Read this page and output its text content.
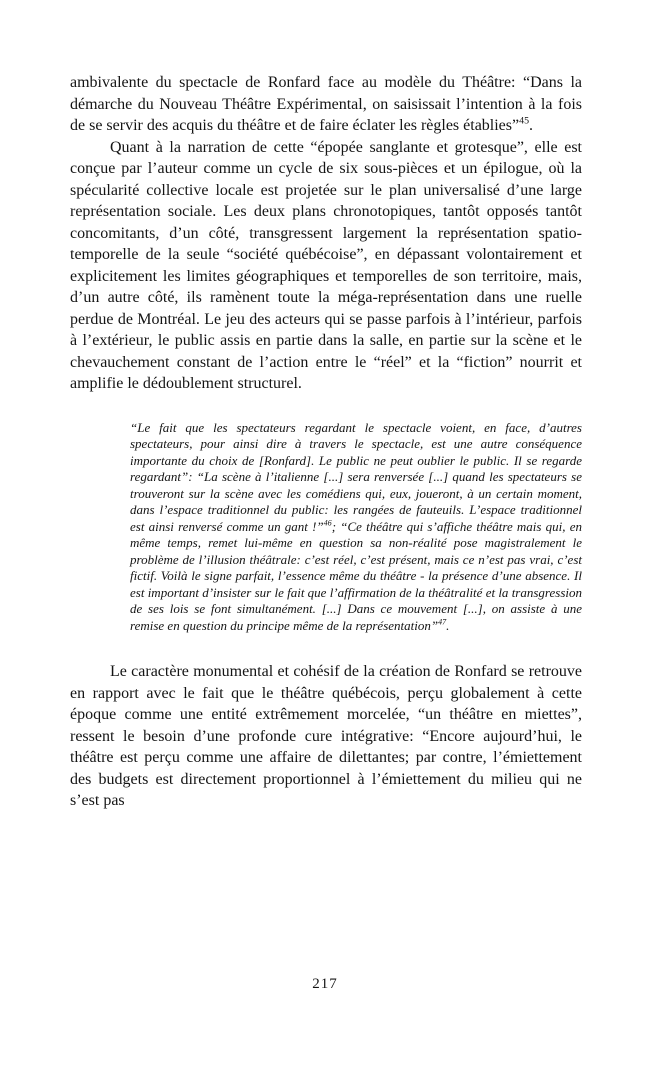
ambivalente du spectacle de Ronfard face au modèle du Théâtre: “Dans la démarche du Nouveau Théâtre Expérimental, on saisissait l’intention à la fois de se servir des acquis du théâtre et de faire éclater les règles établies”$^{45}$.
Quant à la narration de cette “épopée sanglante et grotesque”, elle est conçue par l’auteur comme un cycle de six sous-pièces et un épilogue, où la spécularité collective locale est projetée sur le plan universalisé d’une large représentation sociale. Les deux plans chronotopiques, tantôt opposés tantôt concomitants, d’un côté, transgressent largement la représentation spatio-temporelle de la seule “société québécoise”, en dépassant volontairement et explicitement les limites géographiques et temporelles de son territoire, mais, d’un autre côté, ils ramènent toute la méga-représentation dans une ruelle perdue de Montréal. Le jeu des acteurs qui se passe parfois à l’intérieur, parfois à l’extérieur, le public assis en partie dans la salle, en partie sur la scène et le chevauchement constant de l’action entre le “réel” et la “fiction” nourrit et amplifie le dédoublement structurel.
“Le fait que les spectateurs regardant le spectacle voient, en face, d’autres spectateurs, pour ainsi dire à travers le spectacle, est une autre conséquence importante du choix de [Ronfard]. Le public ne peut oublier le public. Il se regarde regardant”: “La scène à l’italienne [...] sera renversée [...] quand les spectateurs se trouveront sur la scène avec les comédiens qui, eux, joueront, à un certain moment, dans l’espace traditionnel du public: les rangées de fauteuils. L’espace traditionnel est ainsi renversé comme un gant !”$^{46}$; “Ce théâtre qui s’affiche théâtre mais qui, en même temps, remet lui-même en question sa non-réalité pose magistralement le problème de l’illusion théâtrale: c’est réel, c’est présent, mais ce n’est pas vrai, c’est fictif. Voilà le signe parfait, l’essence même du théâtre - la présence d’une absence. Il est important d’insister sur le fait que l’affirmation de la théâtralité et la transgression de ses lois se font simultanément. [...] Dans ce mouvement [...], on assiste à une remise en question du principe même de la représentation”$^{47}$.
Le caractère monumental et cohésif de la création de Ronfard se retrouve en rapport avec le fait que le théâtre québécois, perçu globalement à cette époque comme une entité extrêmement morcelée, “un théâtre en miettes”, ressent le besoin d’une profonde cure intégrative: “Encore aujourd’hui, le théâtre est perçu comme une affaire de dilettantes; par contre, l’émiettement des budgets est directement proportionnel à l’émiettement du milieu qui ne s’est pas
217
